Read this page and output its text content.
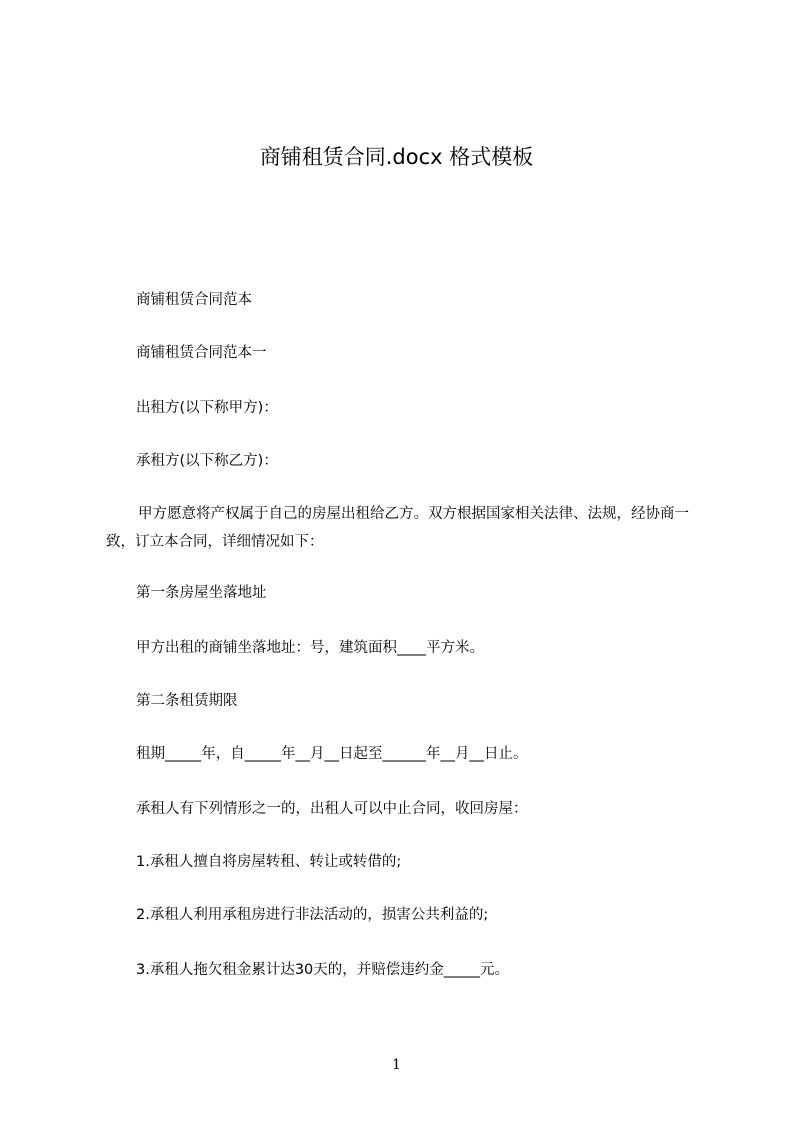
商铺租赁合同.docx 格式模板
商铺租赁合同范本
商铺租赁合同范本一
出租方(以下称甲方)：
承租方(以下称乙方)：
甲方愿意将产权属于自己的房屋出租给乙方。双方根据国家相关法律、法规，经协商一致，订立本合同，详细情况如下：
第一条房屋坐落地址
甲方出租的商铺坐落地址：号，建筑面积____平方米。
第二条租赁期限
租期_____年，自_____年__月__日起至______年__月__日止。
承租人有下列情形之一的，出租人可以中止合同，收回房屋：
1.承租人擅自将房屋转租、转让或转借的;
2.承租人利用承租房进行非法活动的，损害公共利益的;
3.承租人拖欠租金累计达30天的，并赔偿违约金_____元。
1
